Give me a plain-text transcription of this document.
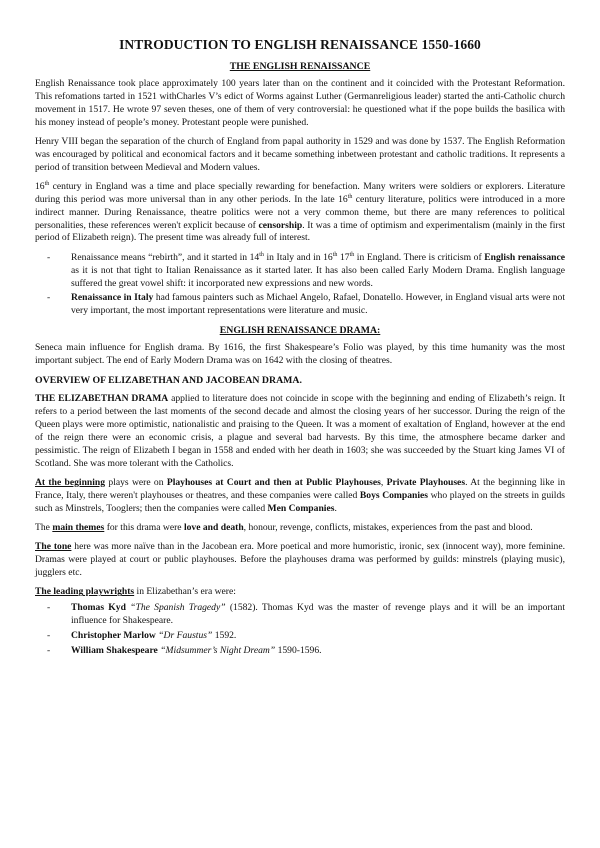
INTRODUCTION TO ENGLISH RENAISSANCE 1550-1660
THE ENGLISH RENAISSANCE

English Renaissance took place approximately 100 years later than on the continent and it coincided with the Protestant Reformation. This refomations tarted in 1521 withCharles V’s edict of Worms against Luther (Germanreligious leader) started the anti-Catholic church movement in 1517. He wrote 97 seven theses, one of them of very controversial: he questioned what if the pope builds the basilica with his money instead of people’s money. Protestant people were punished.

Henry VIII began the separation of the church of England from papal authority in 1529 and was done by 1537. The English Reformation was encouraged by political and economical factors and it became something inbetween protestant and catholic traditions. It represents a period of transition between Medieval and Modern values.

16th century in England was a time and place specially rewarding for benefaction. Many writers were soldiers or explorers. Literature during this period was more universal than in any other periods. In the late 16th century literature, politics were introduced in a more indirect manner. During Renaissance, theatre politics were not a very common theme, but there are many references to political personalities, these references weren't explicit because of censorship. It was a time of optimism and experimentalism (mainly in the first period of Elizabeth reign). The present time was already full of interest.

- Renaissance means “rebirth”, and it started in 14th in Italy and in 16th 17th in England. There is criticism of English renaissance as it is not that tight to Italian Renaissance as it started later. It has also been called Early Modern Drama. English language suffered the great vowel shift: it incorporated new expressions and new words.
- Renaissance in Italy had famous painters such as Michael Angelo, Rafael, Donatello. However, in England visual arts were not very important, the most important representations were literature and music.
ENGLISH RENAISSANCE DRAMA:

Seneca main influence for English drama. By 1616, the first Shakespeare’s Folio was played, by this time humanity was the most important subject. The end of Early Modern Drama was on 1642 with the closing of theatres.

OVERVIEW OF ELIZABETHAN AND JACOBEAN DRAMA.

THE ELIZABETHAN DRAMA applied to literature does not coincide in scope with the beginning and ending of Elizabeth’s reign. It refers to a period between the last moments of the second decade and almost the closing years of her successor. During the reign of the Queen plays were more optimistic, nationalistic and praising to the Queen. It was a moment of exaltation of England, however at the end of the reign there were an economic crisis, a plague and several bad harvests. By this time, the atmosphere became darker and pessimistic. The reign of Elizabeth I began in 1558 and ended with her death in 1603; she was succeeded by the Stuart king James VI of Scotland. She was more tolerant with the Catholics.

At the beginning plays were on Playhouses at Court and then at Public Playhouses, Private Playhouses. At the beginning like in France, Italy, there weren't playhouses or theatres, and these companies were called Boys Companies who played on the streets in guilds such as Minstrels, Tooglers; then the companies were called Men Companies.

The main themes for this drama were love and death, honour, revenge, conflicts, mistakes, experiences from the past and blood.

The tone here was more naïve than in the Jacobean era. More poetical and more humoristic, ironic, sex (innocent way), more feminine. Dramas were played at court or public playhouses. Before the playhouses drama was performed by guilds: minstrels (playing music), jugglers etc.

The leading playwrights in Elizabethan’s era were:

- Thomas Kyd “The Spanish Tragedy” (1582). Thomas Kyd was the master of revenge plays and it will be an important influence for Shakespeare.
- Christopher Marlow “Dr Faustus” 1592.
- William Shakespeare “Midsummer’s Night Dream” 1590-1596.
